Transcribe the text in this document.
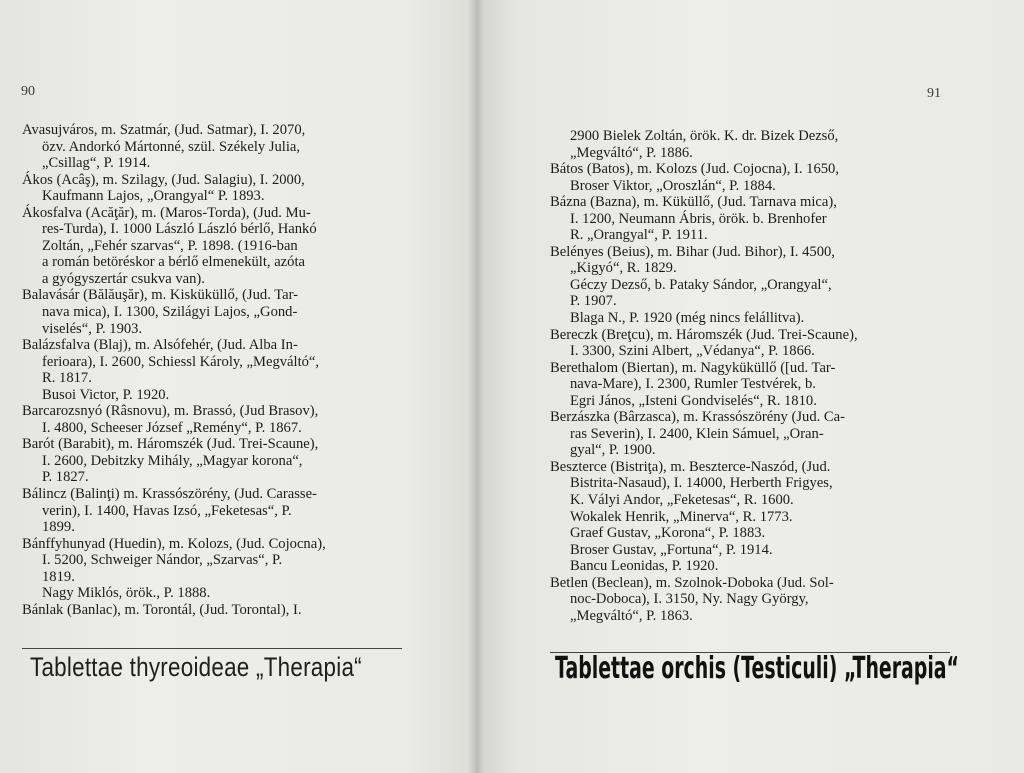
90	91
Avasujváros, m. Szatmár, (Jud. Satmar), I. 2070,
özv. Andorkó Mártonné, szül. Székely Julia,
„Csillag“, P. 1914.
Ákos (Acâş), m. Szilagy, (Jud. Salagiu), I. 2000,
Kaufmann Lajos, „Orangyal“ P. 1893.
Ákosfalva (Acăţăr), m. (Maros-Torda), (Jud. Mu-
res-Turda), I. 1000 László László bérlő, Hankó
Zoltán, „Fehér szarvas“, P. 1898. (1916-ban
a román betöréskor a bérlő elmenekült, azóta
a gyógyszertár csukva van).
Balavásár (Bălăuşăr), m. Kisküküllő, (Jud. Tar-
nava mica), I. 1300, Szilágyi Lajos, „Gond-
viselés“, P. 1903.
Balázsfalva (Blaj), m. Alsófehér, (Jud. Alba In-
ferioara), I. 2600, Schiessl Károly, „Megváltó“,
R. 1817.
Busoi Victor, P. 1920.
Barcarozsnyó (Râsnovu), m. Brassó, (Jud Brasov),
I. 4800, Scheeser József „Remény“, P. 1867.
Barót (Barabit), m. Háromszék (Jud. Trei-Scaune),
I. 2600, Debitzky Mihály, „Magyar korona“,
P. 1827.
Bálincz (Balinţi) m. Krassószörény, (Jud. Carasse-
verin), I. 1400, Havas Izsó, „Feketesas“, P.
1899.
Bánffyhunyad (Huedin), m. Kolozs, (Jud. Cojocna),
I. 5200, Schweiger Nándor, „Szarvas“, P.
1819.
Nagy Miklós, örök., P. 1888.
Bánlak (Banlac), m. Torontál, (Jud. Torontal), I.
2900 Bielek Zoltán, örök. K. dr. Bizek Dezső,
„Megváltó“, P. 1886.
Bátos (Batos), m. Kolozs (Jud. Cojocna), I. 1650,
Broser Viktor, „Oroszlán“, P. 1884.
Bázna (Bazna), m. Küküllő, (Jud. Tarnava mica),
I. 1200, Neumann Ábris, örök. b. Brenhofer
R. „Orangyal“, P. 1911.
Belényes (Beius), m. Bihar (Jud. Bihor), I. 4500,
„Kigyó“, R. 1829.
Géczy Dezső, b. Pataky Sándor, „Orangyal“,
P. 1907.
Blaga N., P. 1920 (még nincs felállitva).
Bereczk (Breţcu), m. Háromszék (Jud. Trei-Scaune),
I. 3300, Szini Albert, „Védanya“, P. 1866.
Berethalom (Biertan), m. Nagyküküllő ([ud. Tar-
nava-Mare), I. 2300, Rumler Testvérek, b.
Egri János, „Isteni Gondviselés“, R. 1810.
Berzászka (Bârzasca), m. Krassószörény (Jud. Ca-
ras Severin), I. 2400, Klein Sámuel, „Oran-
gyal“, P. 1900.
Beszterce (Bistriţa), m. Beszterce-Naszód, (Jud.
Bistrita-Nasaud), I. 14000, Herberth Frigyes,
K. Vályi Andor, „Feketesas“, R. 1600.
Wokalek Henrik, „Minerva“, R. 1773.
Graef Gustav, „Korona“, P. 1883.
Broser Gustav, „Fortuna“, P. 1914.
Bancu Leonidas, P. 1920.
Betlen (Beclean), m. Szolnok-Doboka (Jud. Sol-
noc-Doboca), I. 3150, Ny. Nagy György,
„Megváltó“, P. 1863.
Tablettae thyreoideae „Therapia“	Tablettae orchis (Testiculi) „Therapia“
